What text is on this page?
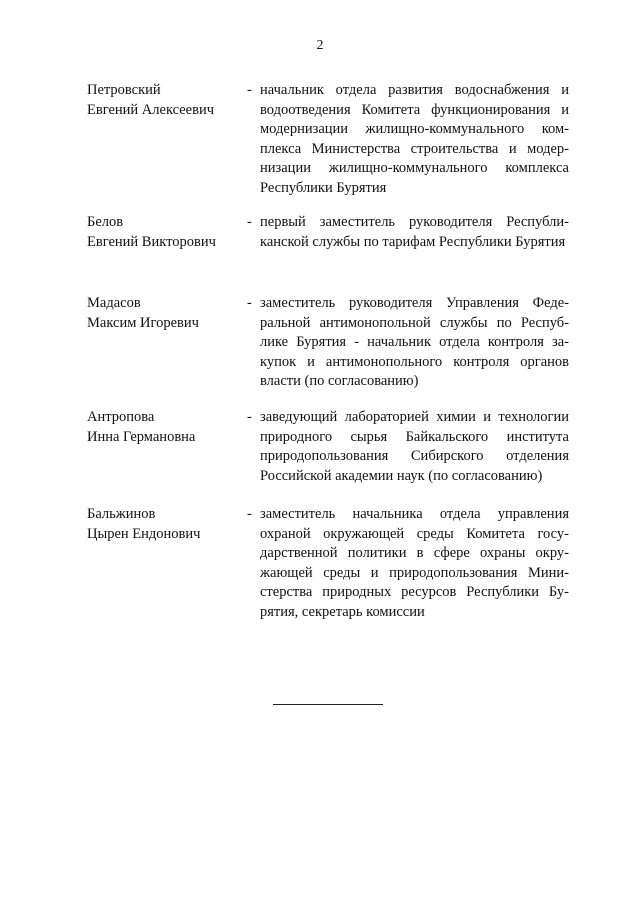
2
Петровский
Евгений Алексеевич
- начальник отдела развития водоснабжения и водоотведения Комитета функционирования и модернизации жилищно-коммунального комплекса Министерства строительства и модернизации жилищно-коммунального комплекса Республики Бурятия
Белов
Евгений Викторович
- первый заместитель руководителя Республиканской службы по тарифам Республики Бурятия
Мадасов
Максим Игоревич
- заместитель руководителя Управления Федеральной антимонопольной службы по Республике Бурятия - начальник отдела контроля закупок и антимонопольного контроля органов власти (по согласованию)
Антропова
Инна Германовна
- заведующий лабораторией химии и технологии природного сырья Байкальского института природопользования Сибирского отделения Российской академии наук (по согласованию)
Бальжинов
Цырен Ендонович
- заместитель начальника отдела управления охраной окружающей среды Комитета государственной политики в сфере охраны окружающей среды и природопользования Министерства природных ресурсов Республики Бурятия, секретарь комиссии
